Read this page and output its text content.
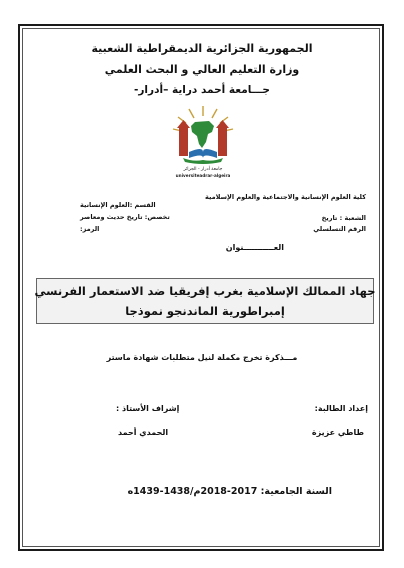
الجمهورية الجزائرية الديمقراطية الشعبية
وزارة التعليم العالي و البحث العلمي
جـــامعة أحمد دراية –أدرار-
جامعة أدرار - الجزائر
universiteadrar-algeira
كلية العلوم الإنسانية والاجتماعية والعلوم الإسلامية
القسم :العلوم الإنسانية
الشعبة : تاريخ
تخصص: تاريخ حديث ومعاصر
الرقم التسلسلي
الرمز:
العـــــــــــنوان
جهاد الممالك الإسلامية بغرب إفريقيا ضد الاستعمار الفرنسي
إمبراطورية الماندنجو نموذجا
مـــذكرة تخرج مكملة لنيل متطلبات شهادة ماستر
إعداد الطالبة:
إشراف الأستاذ :
طاطي عزيزة
الحمدي أحمد
السنة الجامعية: 2017-2018م/1438-1439ه
